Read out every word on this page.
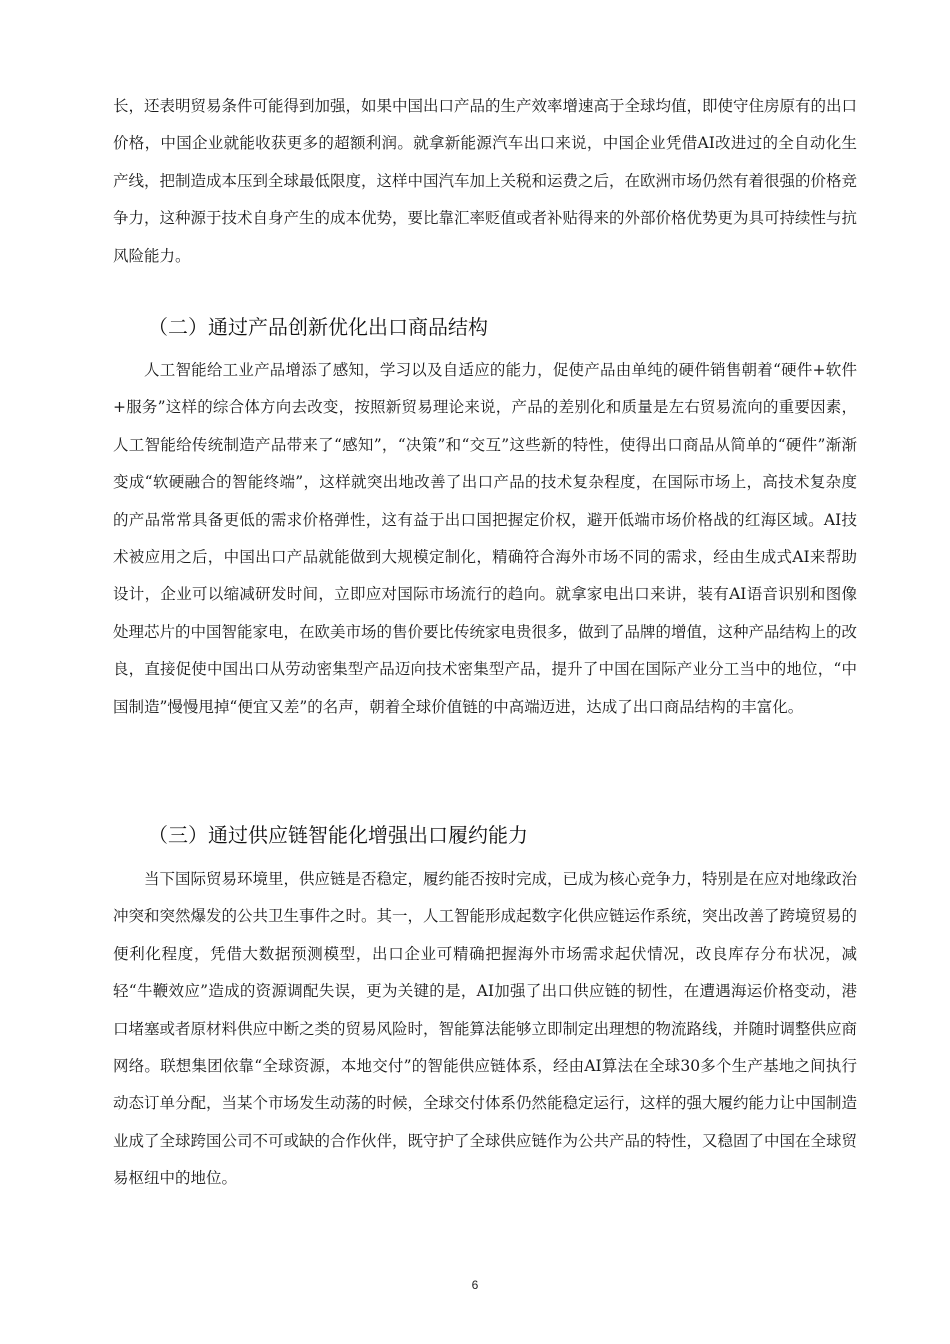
长，还表明贸易条件可能得到加强，如果中国出口产品的生产效率增速高于全球均值，即使守住房原有的出口价格，中国企业就能收获更多的超额利润。就拿新能源汽车出口来说，中国企业凭借AI改进过的全自动化生产线，把制造成本压到全球最低限度，这样中国汽车加上关税和运费之后，在欧洲市场仍然有着很强的价格竞争力，这种源于技术自身产生的成本优势，要比靠汇率贬值或者补贴得来的外部价格优势更为具可持续性与抗风险能力。

（二）通过产品创新优化出口商品结构

人工智能给工业产品增添了感知，学习以及自适应的能力，促使产品由单纯的硬件销售朝着“硬件+软件+服务”这样的综合体方向去改变，按照新贸易理论来说，产品的差别化和质量是左右贸易流向的重要因素，人工智能给传统制造产品带来了“感知”，“决策”和“交互”这些新的特性，使得出口商品从简单的“硬件”渐渐变成“软硬融合的智能终端”，这样就突出地改善了出口产品的技术复杂程度，在国际市场上，高技术复杂度的产品常常具备更低的需求价格弹性，这有益于出口国把握定价权，避开低端市场价格战的红海区域。AI技术被应用之后，中国出口产品就能做到大规模定制化，精确符合海外市场不同的需求，经由生成式AI来帮助设计，企业可以缩减研发时间，立即应对国际市场流行的趋向。就拿家电出口来讲，装有AI语音识别和图像处理芯片的中国智能家电，在欧美市场的售价要比传统家电贵很多，做到了品牌的增值，这种产品结构上的改良，直接促使中国出口从劳动密集型产品迈向技术密集型产品，提升了中国在国际产业分工当中的地位，“中国制造”慢慢甩掉“便宜又差”的名声，朝着全球价值链的中高端迈进，达成了出口商品结构的丰富化。

（三）通过供应链智能化增强出口履约能力

当下国际贸易环境里，供应链是否稳定，履约能否按时完成，已成为核心竞争力，特别是在应对地缘政治冲突和突然爆发的公共卫生事件之时。其一，人工智能形成起数字化供应链运作系统，突出改善了跨境贸易的便利化程度，凭借大数据预测模型，出口企业可精确把握海外市场需求起伏情况，改良库存分布状况，减轻“牛鞭效应”造成的资源调配失误，更为关键的是，AI加强了出口供应链的韧性，在遭遇海运价格变动，港口堵塞或者原材料供应中断之类的贸易风险时，智能算法能够立即制定出理想的物流路线，并随时调整供应商网络。联想集团依靠“全球资源，本地交付”的智能供应链体系，经由AI算法在全球30多个生产基地之间执行动态订单分配，当某个市场发生动荡的时候，全球交付体系仍然能稳定运行，这样的强大履约能力让中国制造业成了全球跨国公司不可或缺的合作伙伴，既守护了全球供应链作为公共产品的特性，又稳固了中国在全球贸易枢纽中的地位。

6
